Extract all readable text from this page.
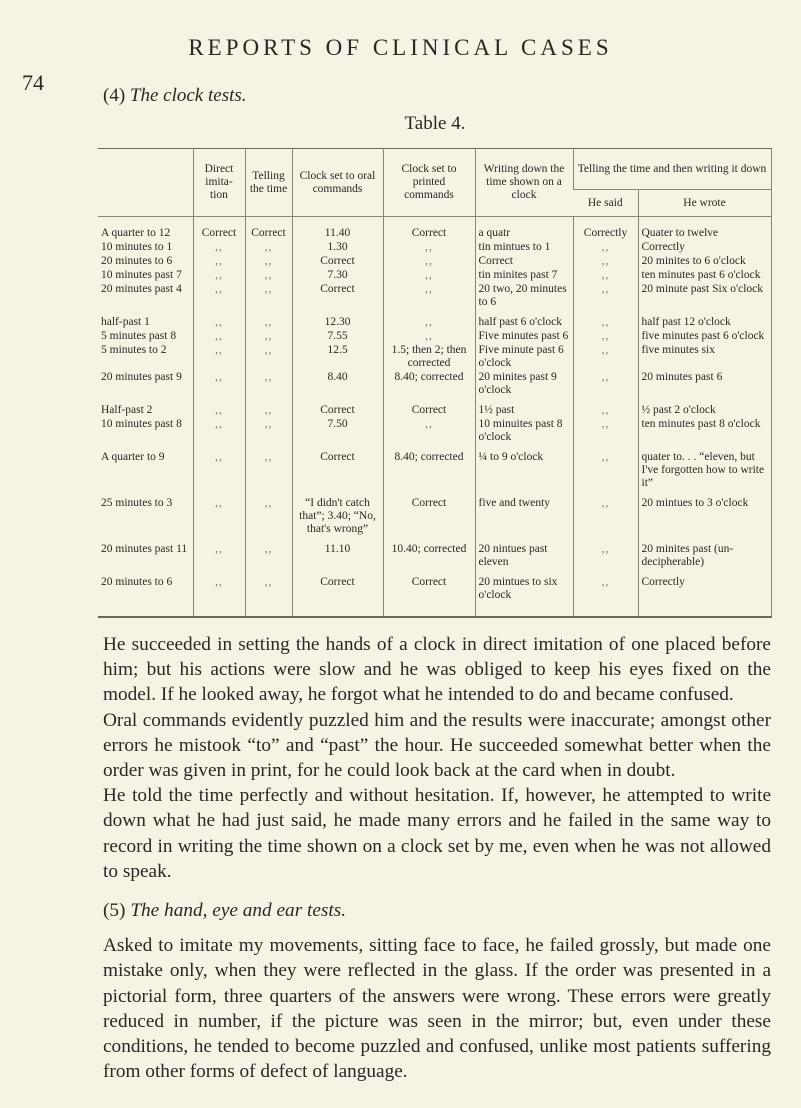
REPORTS OF CLINICAL CASES
74
(4) The clock tests.
Table 4.
	Direct imita-tion	Telling the time	Clock set to oral commands	Clock set to printed commands	Writing down the time shown on a clock	Telling the time and then writing it down	
						He said	He wrote
A quarter to 12	Correct	Correct	11.40	Correct	a quatr	Correctly	Quater to twelve
10 minutes to 1	,,	,,	1.30	,,	tin mintues to 1	,,	Correctly
20 minutes to 6	,,	,,	Correct	,,	Correct	,,	20 minites to 6 o'clock
10 minutes past 7	,,	,,	7.30	,,	tin minites past 7	,,	ten minutes past 6 o'clock
20 minutes past 4	,,	,,	Correct	,,	20 two, 20 minutes to 6	,,	20 minute past Six o'clock
half-past 1	,,	,,	12.30	,,	half past 6 o'clock	,,	half past 12 o'clock
5 minutes past 8	,,	,,	7.55	,,	Five minutes past 6	,,	five minutes past 6 o'clock
5 minutes to 2	,,	,,	12.5	1.5; then 2; then corrected	Five minute past 6 o'clock	,,	five minutes six
20 minutes past 9	,,	,,	8.40	8.40; corrected	20 minites past 9 o'clock	,,	20 minutes past 6
Half-past 2	,,	,,	Correct	Correct	1½ past	,,	½ past 2 o'clock
10 minutes past 8	,,	,,	7.50	,,	10 minuites past 8 o'clock	,,	ten minutes past 8 o'clock
A quarter to 9	,,	,,	Correct	8.40; corrected	¼ to 9 o'clock	,,	quater to. . . “eleven, but I've forgotten how to write it”
25 minutes to 3	,,	,,	“I didn't catch that”; 3.40; “No, that's wrong”	Correct	five and twenty	,,	20 mintues to 3 o'clock
20 minutes past 11	,,	,,	11.10	10.40; corrected	20 nintues past eleven	,,	20 minites past (un-decipherable)
20 minutes to 6	,,	,,	Correct	Correct	20 mintues to six o'clock	,,	Correctly

He succeeded in setting the hands of a clock in direct imitation of one placed before him; but his actions were slow and he was obliged to keep his eyes fixed on the model. If he looked away, he forgot what he intended to do and became confused.

Oral commands evidently puzzled him and the results were inaccurate; amongst other errors he mistook “to” and “past” the hour. He succeeded somewhat better when the order was given in print, for he could look back at the card when in doubt.

He told the time perfectly and without hesitation. If, however, he attempted to write down what he had just said, he made many errors and he failed in the same way to record in writing the time shown on a clock set by me, even when he was not allowed to speak.

(5) The hand, eye and ear tests.

Asked to imitate my movements, sitting face to face, he failed grossly, but made one mistake only, when they were reflected in the glass. If the order was presented in a pictorial form, three quarters of the answers were wrong. These errors were greatly reduced in number, if the picture was seen in the mirror; but, even under these conditions, he tended to become puzzled and confused, unlike most patients suffering from other forms of defect of language.
